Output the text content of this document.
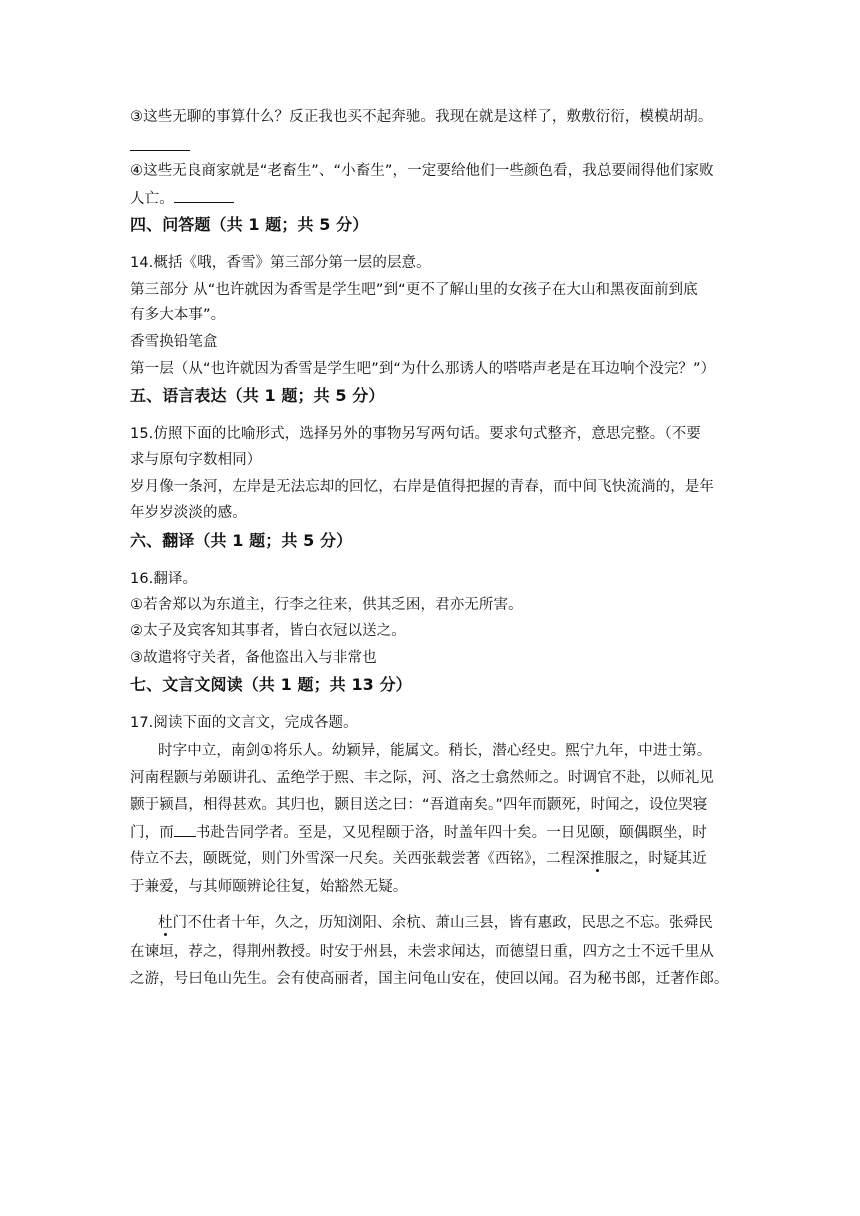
③这些无聊的事算什么？反正我也买不起奔驰。我现在就是这样了，敷敷衍衍，模模胡胡。
④这些无良商家就是“老畜生”、“小畜生”，一定要给他们一些颜色看，我总要闹得他们家败
人亡。
四、问答题（共 1 题；共 5 分）
14.概括《哦，香雪》第三部分第一层的层意。
第三部分 从“也许就因为香雪是学生吧”到“更不了解山里的女孩子在大山和黑夜面前到底
有多大本事”。
香雪换铅笔盒
第一层（从“也许就因为香雪是学生吧”到“为什么那诱人的嗒嗒声老是在耳边响个没完？”）
五、语言表达（共 1 题；共 5 分）
15.仿照下面的比喻形式，选择另外的事物另写两句话。要求句式整齐，意思完整。（不要
求与原句字数相同）
岁月像一条河，左岸是无法忘却的回忆，右岸是值得把握的青春，而中间飞快流淌的，是年
年岁岁淡淡的感。
六、翻译（共 1 题；共 5 分）
16.翻译。
①若舍郑以为东道主，行李之往来，供其乏困，君亦无所害。
②太子及宾客知其事者，皆白衣冠以送之。
③故遣将守关者，备他盗出入与非常也
七、文言文阅读（共 1 题；共 13 分）
17.阅读下面的文言文，完成各题。
时字中立，南剑①将乐人。幼颖异，能属文。稍长，潜心经史。熙宁九年，中进士第。
河南程颢与弟颐讲孔、孟绝学于熙、丰之际，河、洛之士翕然师之。时调官不赴，以师礼见
颢于颍昌，相得甚欢。其归也，颢目送之曰：“吾道南矣。”四年而颢死，时闻之，设位哭寝
门，而 书赴告同学者。至是，又见程颐于洛，时盖年四十矣。一日见颐，颐偶瞑坐，时
侍立不去，颐既觉，则门外雪深一尺矣。关西张载尝著《西铭》，二程深推服之，时疑其近
于兼爱，与其师颐辨论往复，始豁然无疑。
杜门不仕者十年，久之，历知浏阳、余杭、萧山三县，皆有惠政，民思之不忘。张舜民
在谏垣，荐之，得荆州教授。时安于州县，未尝求闻达，而德望日重，四方之士不远千里从
之游，号曰龟山先生。会有使高丽者，国主问龟山安在，使回以闻。召为秘书郎，迁著作郎。
